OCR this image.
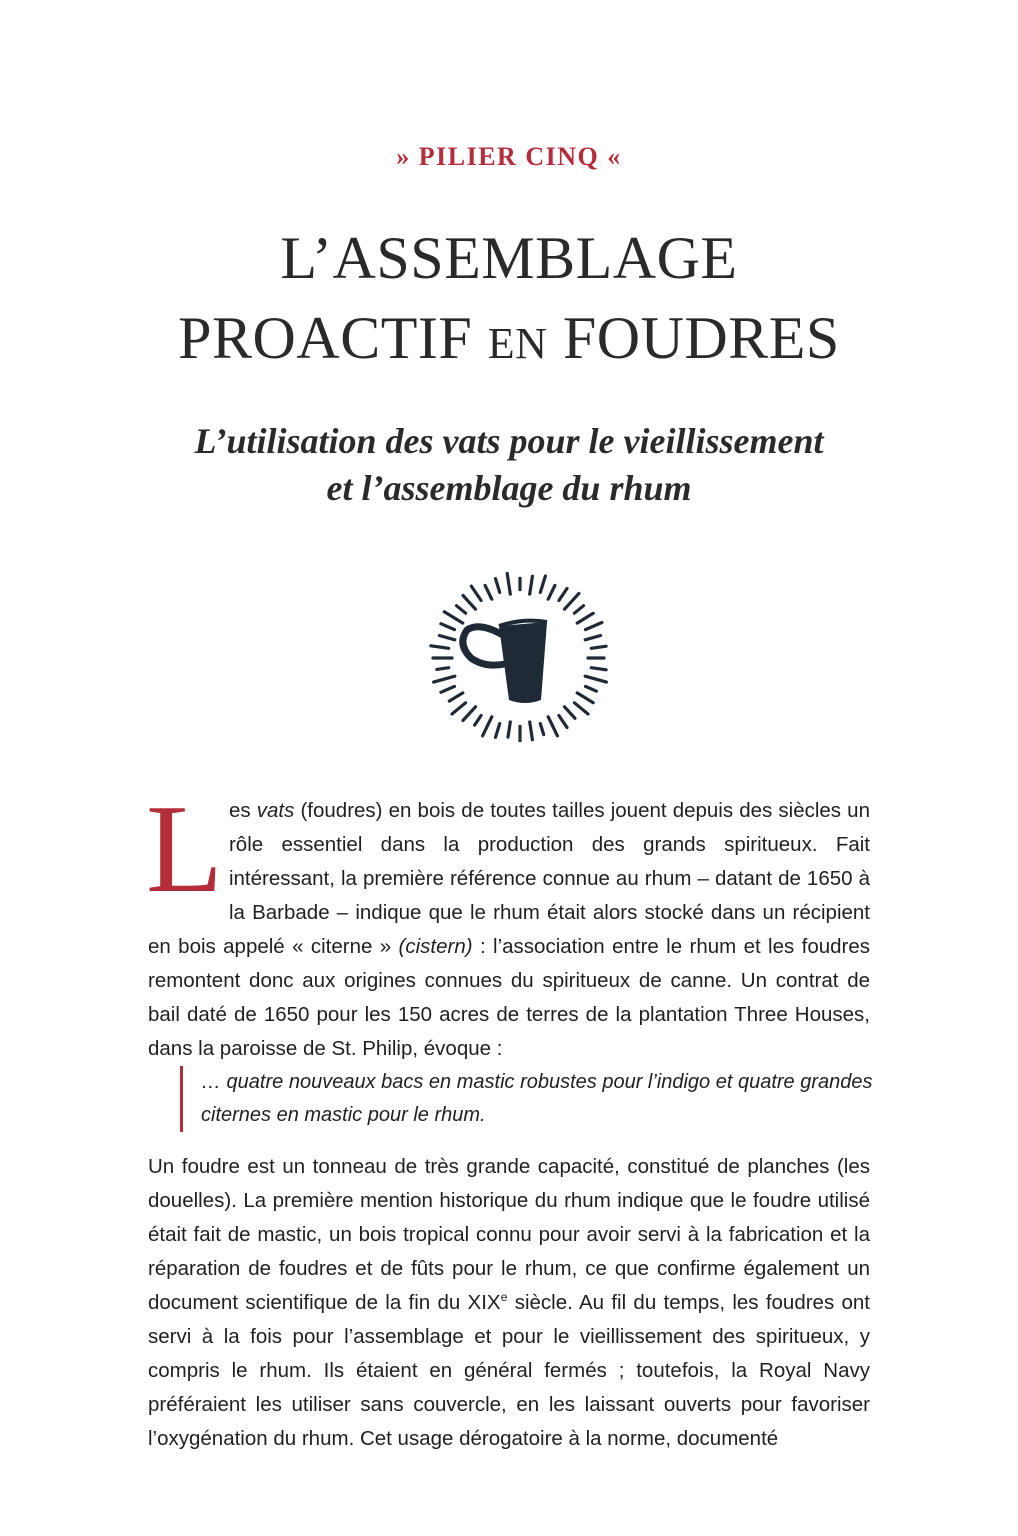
» PILIER CINQ «
L’ASSEMBLAGE
PROACTIF EN FOUDRES
L’utilisation des vats pour le vieillissement
et l’assemblage du rhum
Les vats (foudres) en bois de toutes tailles jouent depuis des siècles un rôle essentiel dans la production des grands spiritueux. Fait intéressant, la première référence connue au rhum – datant de 1650 à la Barbade – indique que le rhum était alors stocké dans un récipient en bois appelé « citerne » (cistern) : l’association entre le rhum et les foudres remontent donc aux origines connues du spiritueux de canne. Un contrat de bail daté de 1650 pour les 150 acres de terres de la plantation Three Houses, dans la paroisse de St. Philip, évoque :
… quatre nouveaux bacs en mastic robustes pour l’indigo et quatre grandes citernes en mastic pour le rhum.
Un foudre est un tonneau de très grande capacité, constitué de planches (les douelles). La première mention historique du rhum indique que le foudre utilisé était fait de mastic, un bois tropical connu pour avoir servi à la fabrication et la réparation de foudres et de fûts pour le rhum, ce que confirme également un document scientifique de la fin du XIXe siècle. Au fil du temps, les foudres ont servi à la fois pour l’assemblage et pour le vieillissement des spiritueux, y compris le rhum. Ils étaient en général fermés ; toutefois, la Royal Navy préféraient les utiliser sans couvercle, en les laissant ouverts pour favoriser l’oxygénation du rhum. Cet usage dérogatoire à la norme, documenté
